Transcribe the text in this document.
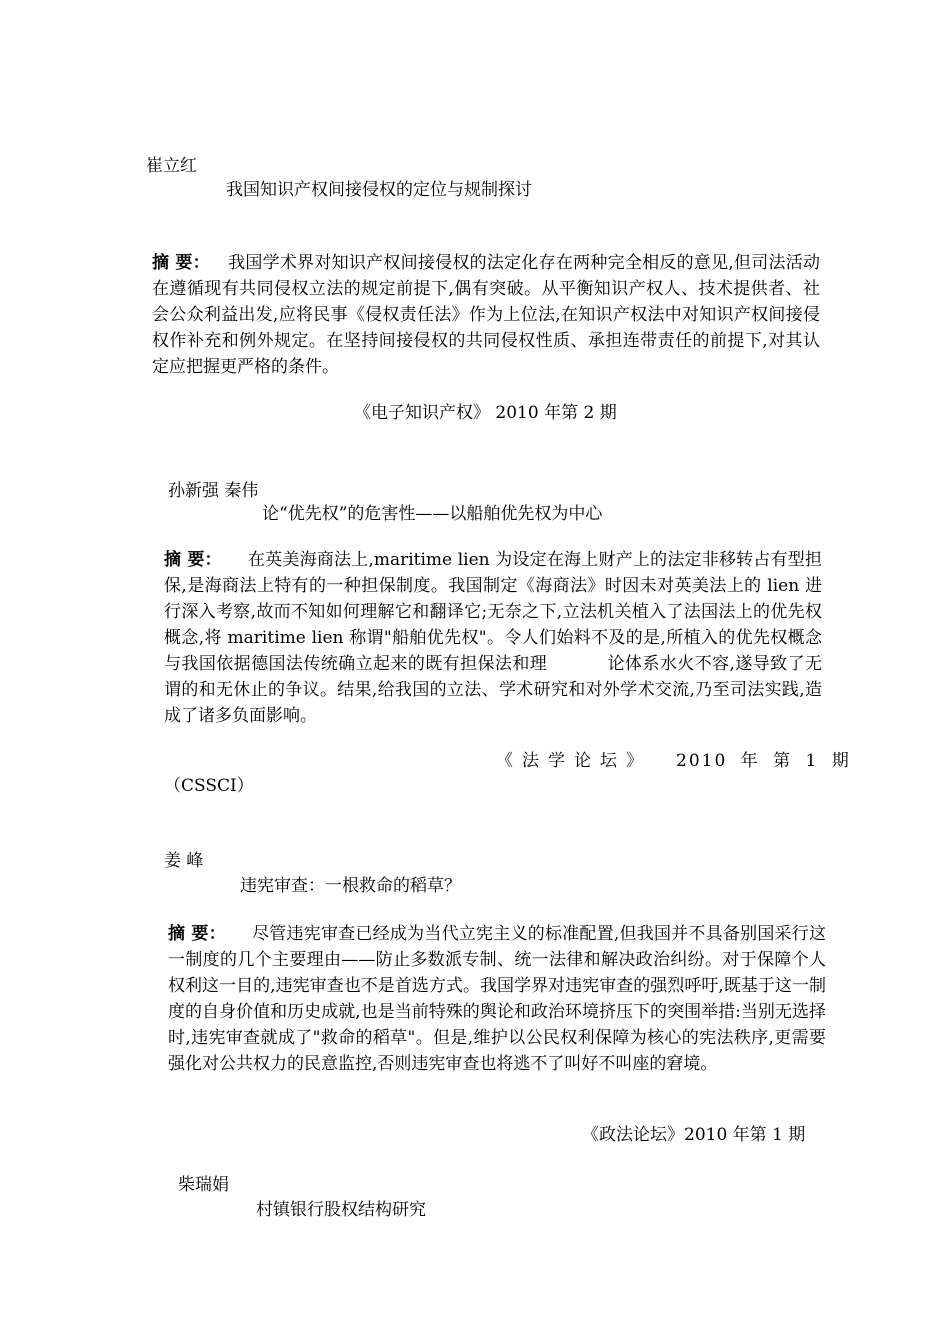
崔立红
我国知识产权间接侵权的定位与规制探讨
摘 要： 我国学术界对知识产权间接侵权的法定化存在两种完全相反的意见,但司法活动在遵循现有共同侵权立法的规定前提下,偶有突破。从平衡知识产权人、技术提供者、社会公众利益出发,应将民事《侵权责任法》作为上位法,在知识产权法中对知识产权间接侵权作补充和例外规定。在坚持间接侵权的共同侵权性质、承担连带责任的前提下,对其认定应把握更严格的条件。
《电子知识产权》 2010 年第 2 期
孙新强 秦伟
论“优先权”的危害性——以船舶优先权为中心
摘 要： 在英美海商法上,maritime lien 为设定在海上财产上的法定非移转占有型担保,是海商法上特有的一种担保制度。我国制定《海商法》时因未对英美法上的 lien 进行深入考察,故而不知如何理解它和翻译它;无奈之下,立法机关植入了法国法上的优先权概念,将 maritime lien 称谓"船舶优先权"。令人们始料不及的是,所植入的优先权概念与我国依据德国法传统确立起来的既有担保法和理	论体系水火不容,遂导致了无谓的和无休止的争议。结果,给我国的立法、学术研究和对外学术交流,乃至司法实践,造成了诸多负面影响。
《法学论坛》 2010 年 第 1 期
（CSSCI）
姜 峰
违宪审查：一根救命的稻草？
摘 要： 尽管违宪审查已经成为当代立宪主义的标准配置,但我国并不具备别国采行这一制度的几个主要理由——防止多数派专制、统一法律和解决政治纠纷。对于保障个人权利这一目的,违宪审查也不是首选方式。我国学界对违宪审查的强烈呼吁,既基于这一制度的自身价值和历史成就,也是当前特殊的舆论和政治环境挤压下的突围举措:当别无选择时,违宪审查就成了"救命的稻草"。但是,维护以公民权利保障为核心的宪法秩序,更需要强化对公共权力的民意监控,否则违宪审查也将逃不了叫好不叫座的窘境。
《政法论坛》2010 年第 1 期
柴瑞娟
村镇银行股权结构研究
